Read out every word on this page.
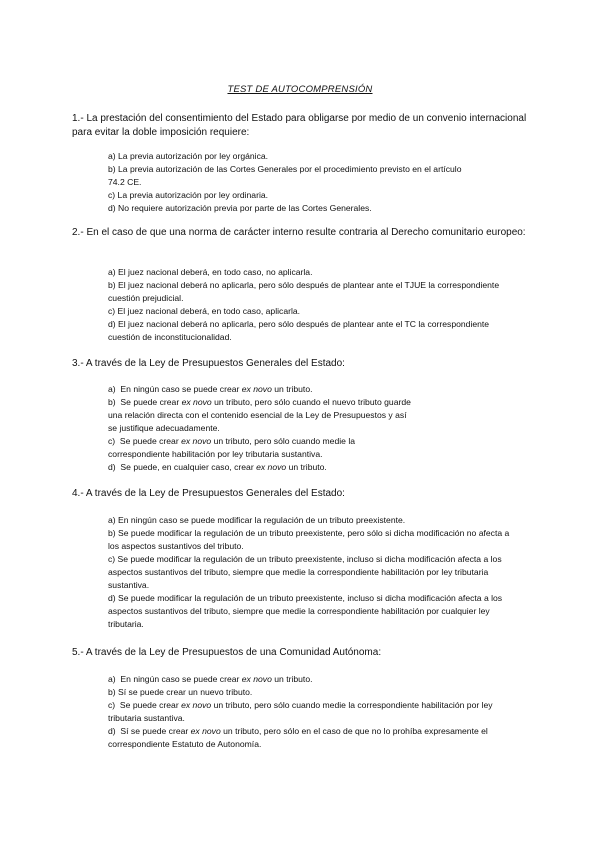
TEST DE AUTOCOMPRENSIÓN
1.- La prestación del consentimiento del Estado para obligarse por medio de un convenio internacional para evitar la doble imposición requiere:
a) La previa autorización por ley orgánica.
b) La previa autorización de las Cortes Generales por el procedimiento previsto en el artículo 74.2 CE.
c) La previa autorización por ley ordinaria.
d) No requiere autorización previa por parte de las Cortes Generales.
2.- En el caso de que una norma de carácter interno resulte contraria al Derecho comunitario europeo:
a) El juez nacional deberá, en todo caso, no aplicarla.
b) El juez nacional deberá no aplicarla, pero sólo después de plantear ante el TJUE la correspondiente cuestión prejudicial.
c) El juez nacional deberá, en todo caso, aplicarla.
d) El juez nacional deberá no aplicarla, pero sólo después de plantear ante el TC la correspondiente cuestión de inconstitucionalidad.
3.- A través de la Ley de Presupuestos Generales del Estado:
a)  En ningún caso se puede crear ex novo un tributo.
b)  Se puede crear ex novo un tributo, pero sólo cuando el nuevo tributo guarde una relación directa con el contenido esencial de la Ley de Presupuestos y así se justifique adecuadamente.
c)  Se puede crear ex novo un tributo, pero sólo cuando medie la correspondiente habilitación por ley tributaria sustantiva.
d)  Se puede, en cualquier caso, crear ex novo un tributo.
4.- A través de la Ley de Presupuestos Generales del Estado:
a) En ningún caso se puede modificar la regulación de un tributo preexistente.
b) Se puede modificar la regulación de un tributo preexistente, pero sólo si dicha modificación no afecta a los aspectos sustantivos del tributo.
c) Se puede modificar la regulación de un tributo preexistente, incluso si dicha modificación afecta a los aspectos sustantivos del tributo, siempre que medie la correspondiente habilitación por ley tributaria sustantiva.
d) Se puede modificar la regulación de un tributo preexistente, incluso si dicha modificación afecta a los aspectos sustantivos del tributo, siempre que medie la correspondiente habilitación por cualquier ley tributaria.
5.- A través de la Ley de Presupuestos de una Comunidad Autónoma:
a)  En ningún caso se puede crear ex novo un tributo.
b) Sí se puede crear un nuevo tributo.
c)  Se puede crear ex novo un tributo, pero sólo cuando medie la correspondiente habilitación por ley tributaria sustantiva.
d)  Sí se puede crear ex novo un tributo, pero sólo en el caso de que no lo prohíba expresamente el correspondiente Estatuto de Autonomía.
